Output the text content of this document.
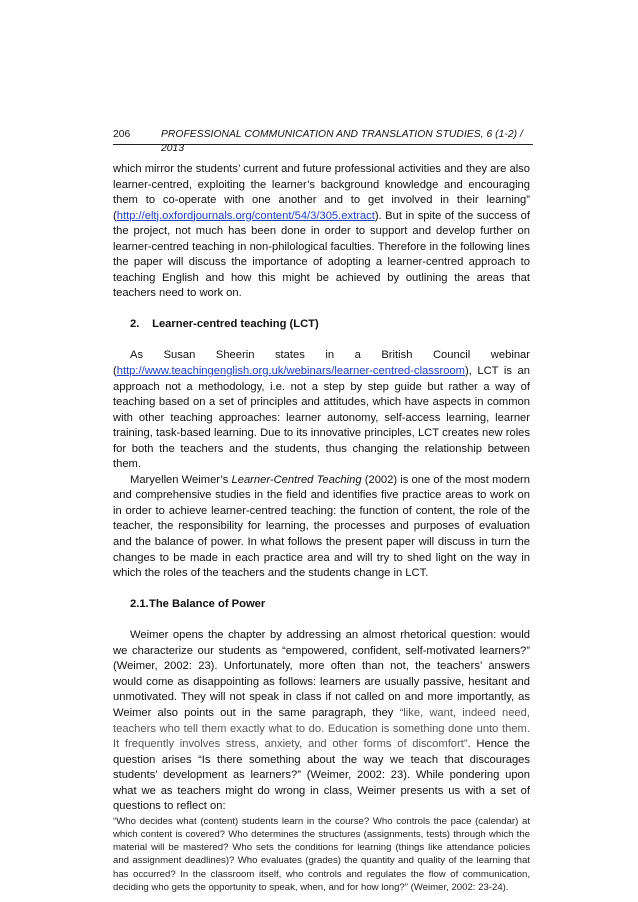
206	PROFESSIONAL COMMUNICATION AND TRANSLATION STUDIES, 6 (1-2) / 2013

which mirror the students’ current and future professional activities and they are also learner-centred, exploiting the learner’s background knowledge and encouraging them to co-operate with one another and to get involved in their learning” (http://eltj.oxfordjournals.org/content/54/3/305.extract). But in spite of the success of the project, not much has been done in order to support and develop further on learner-centred teaching in non-philological faculties. Therefore in the following lines the paper will discuss the importance of adopting a learner-centred approach to teaching English and how this might be achieved by outlining the areas that teachers need to work on.

2. Learner-centred teaching (LCT)

As Susan Sheerin states in a British Council webinar (http://www.teachingenglish.org.uk/webinars/learner-centred-classroom), LCT is an approach not a methodology, i.e. not a step by step guide but rather a way of teaching based on a set of principles and attitudes, which have aspects in common with other teaching approaches: learner autonomy, self-access learning, learner training, task-based learning. Due to its innovative principles, LCT creates new roles for both the teachers and the students, thus changing the relationship between them.

Maryellen Weimer’s Learner-Centred Teaching (2002) is one of the most modern and comprehensive studies in the field and identifies five practice areas to work on in order to achieve learner-centred teaching: the function of content, the role of the teacher, the responsibility for learning, the processes and purposes of evaluation and the balance of power. In what follows the present paper will discuss in turn the changes to be made in each practice area and will try to shed light on the way in which the roles of the teachers and the students change in LCT.

2.1.The Balance of Power

Weimer opens the chapter by addressing an almost rhetorical question: would we characterize our students as “empowered, confident, self-motivated learners?” (Weimer, 2002: 23). Unfortunately, more often than not, the teachers’ answers would come as disappointing as follows: learners are usually passive, hesitant and unmotivated. They will not speak in class if not called on and more importantly, as Weimer also points out in the same paragraph, they “like, want, indeed need, teachers who tell them exactly what to do. Education is something done unto them. It frequently involves stress, anxiety, and other forms of discomfort”. Hence the question arises “Is there something about the way we teach that discourages students’ development as learners?” (Weimer, 2002: 23). While pondering upon what we as teachers might do wrong in class, Weimer presents us with a set of questions to reflect on:

“Who decides what (content) students learn in the course? Who controls the pace (calendar) at which content is covered? Who determines the structures (assignments, tests) through which the material will be mastered? Who sets the conditions for learning (things like attendance policies and assignment deadlines)? Who evaluates (grades) the quantity and quality of the learning that has occurred? In the classroom itself, who controls and regulates the flow of communication, deciding who gets the opportunity to speak, when, and for how long?” (Weimer, 2002: 23-24).
